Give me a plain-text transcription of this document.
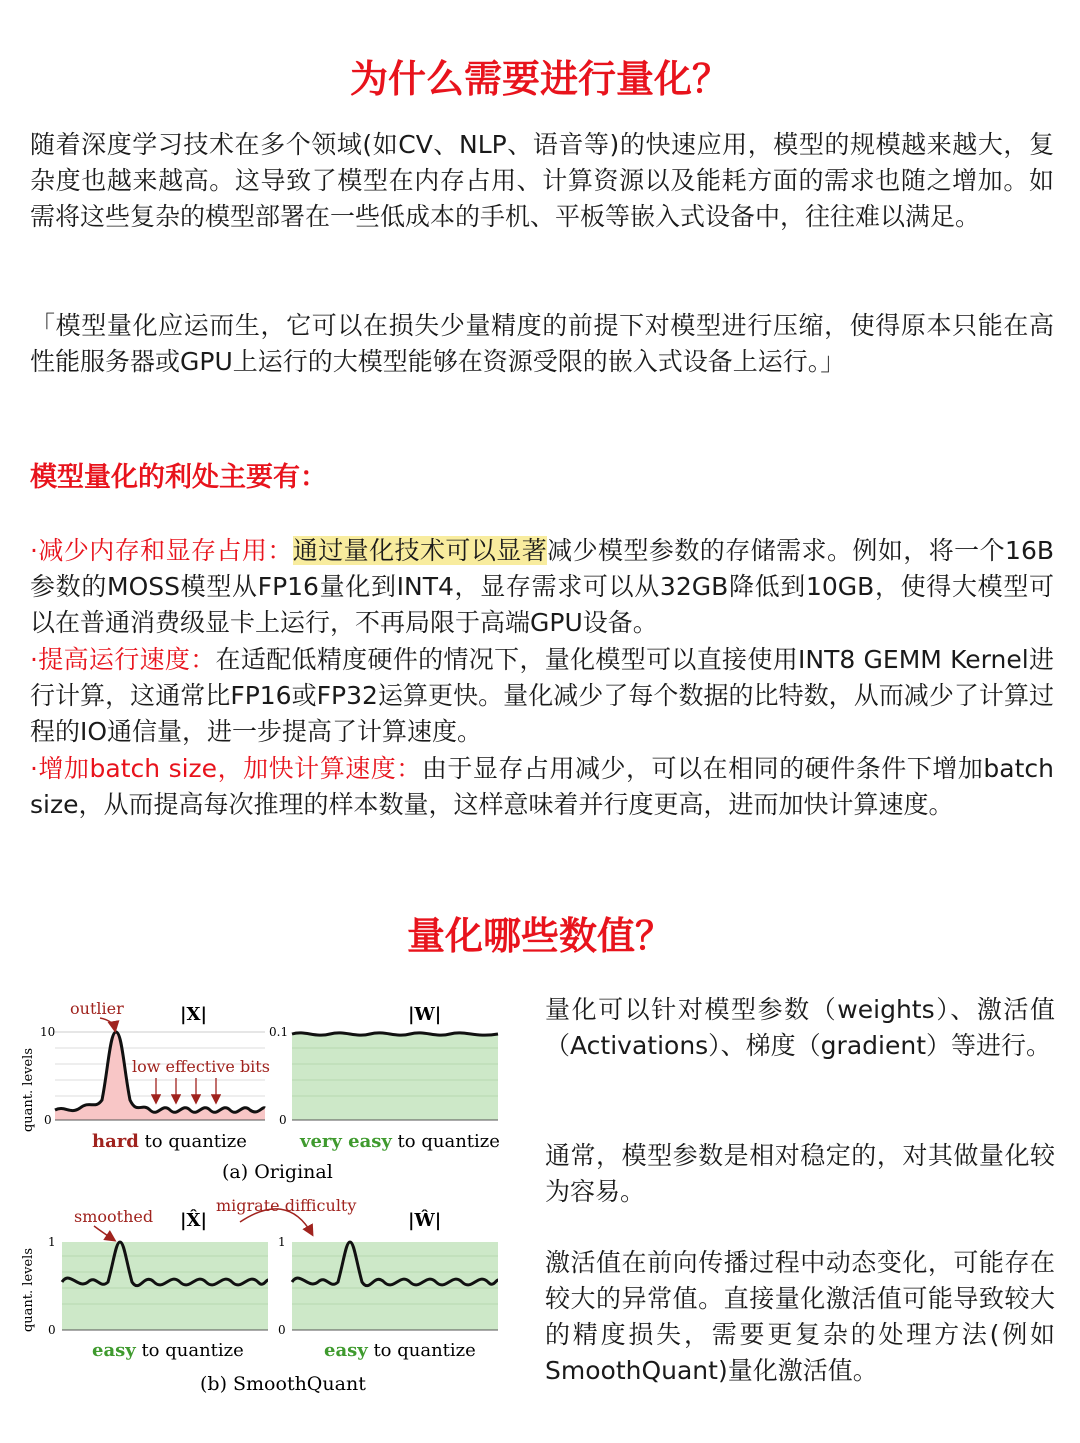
为什么需要进行量化？
随着深度学习技术在多个领域(如CV、NLP、语音等)的快速应用，模型的规模越来越大，复杂度也越来越高。这导致了模型在内存占用、计算资源以及能耗方面的需求也随之增加。如需将这些复杂的模型部署在一些低成本的手机、平板等嵌入式设备中，往往难以满足。
「模型量化应运而生，它可以在损失少量精度的前提下对模型进行压缩，使得原本只能在高性能服务器或GPU上运行的大模型能够在资源受限的嵌入式设备上运行。」
模型量化的利处主要有：
·减少内存和显存占用：通过量化技术可以显著减少模型参数的存储需求。例如，将一个16B参数的MOSS模型从FP16量化到INT4，显存需求可以从32GB降低到10GB，使得大模型可以在普通消费级显卡上运行，不再局限于高端GPU设备。
·提高运行速度：在适配低精度硬件的情况下，量化模型可以直接使用INT8 GEMM Kernel进行计算，这通常比FP16或FP32运算更快。量化减少了每个数据的比特数，从而减少了计算过程的IO通信量，进一步提高了计算速度。
·增加batch size，加快计算速度：由于显存占用减少，可以在相同的硬件条件下增加batch size，从而提高每次推理的样本数量，这样意味着并行度更高，进而加快计算速度。
量化哪些数值？
|X|
10
0
outlier
low effective bits
hard to quantize
|W|
0.1
0
very easy to quantize
quant. levels
(a) Original
|X̂|
1
0
smoothed
easy to quantize
migrate difficulty
|Ŵ|
1
0
easy to quantize
quant. levels
(b) SmoothQuant
量化可以针对模型参数（weights）、激活值（Activations）、梯度（gradient）等进行。
通常，模型参数是相对稳定的，对其做量化较为容易。
激活值在前向传播过程中动态变化，可能存在较大的异常值。直接量化激活值可能导致较大的精度损失，需要更复杂的处理方法(例如SmoothQuant)量化激活值。
